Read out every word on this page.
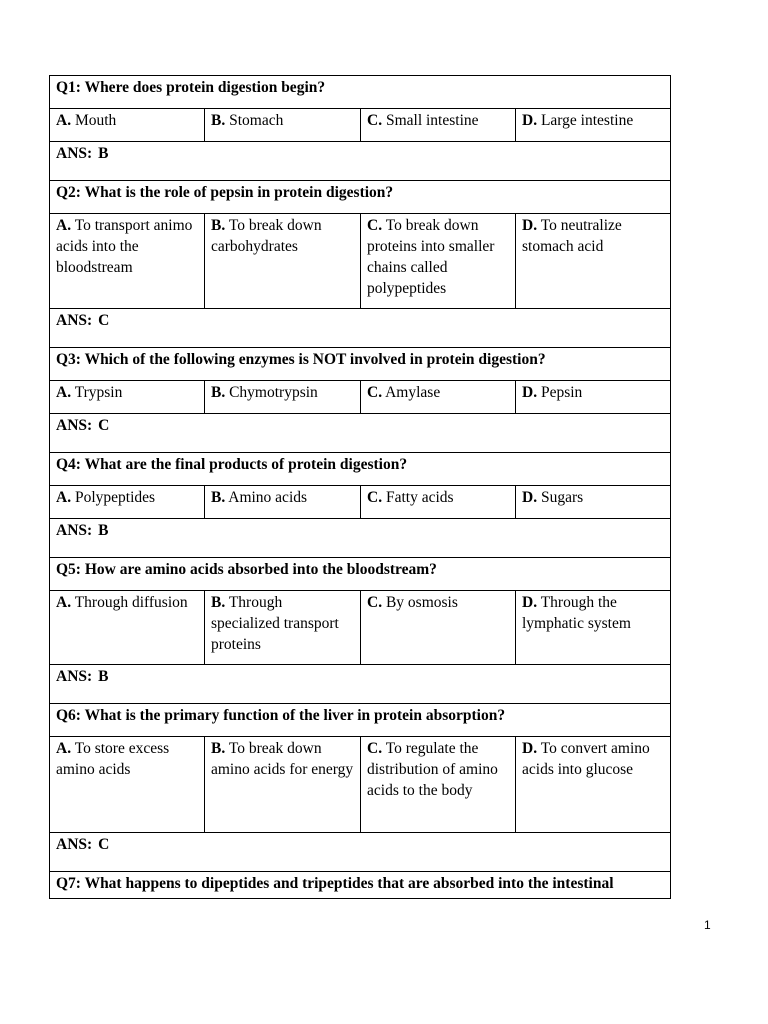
Q1: Where does protein digestion begin?			
A. Mouth	B. Stomach	C. Small intestine	D. Large intestine
ANS: B			
Q2: What is the role of pepsin in protein digestion?			
A. To transport animo acids into the bloodstream	B. To break down carbohydrates	C. To break down proteins into smaller chains called polypeptides	D. To neutralize stomach acid
ANS: C			
Q3: Which of the following enzymes is NOT involved in protein digestion?			
A. Trypsin	B. Chymotrypsin	C. Amylase	D. Pepsin
ANS: C			
Q4: What are the final products of protein digestion?			
A. Polypeptides	B. Amino acids	C. Fatty acids	D. Sugars
ANS: B			
Q5: How are amino acids absorbed into the bloodstream?			
A. Through diffusion	B. Through specialized transport proteins	C. By osmosis	D. Through the lymphatic system
ANS: B			
Q6: What is the primary function of the liver in protein absorption?			
A. To store excess amino acids	B. To break down amino acids for energy	C. To regulate the distribution of amino acids to the body	D. To convert amino acids into glucose
ANS: C			
Q7: What happens to dipeptides and tripeptides that are absorbed into the intestinal			
1
